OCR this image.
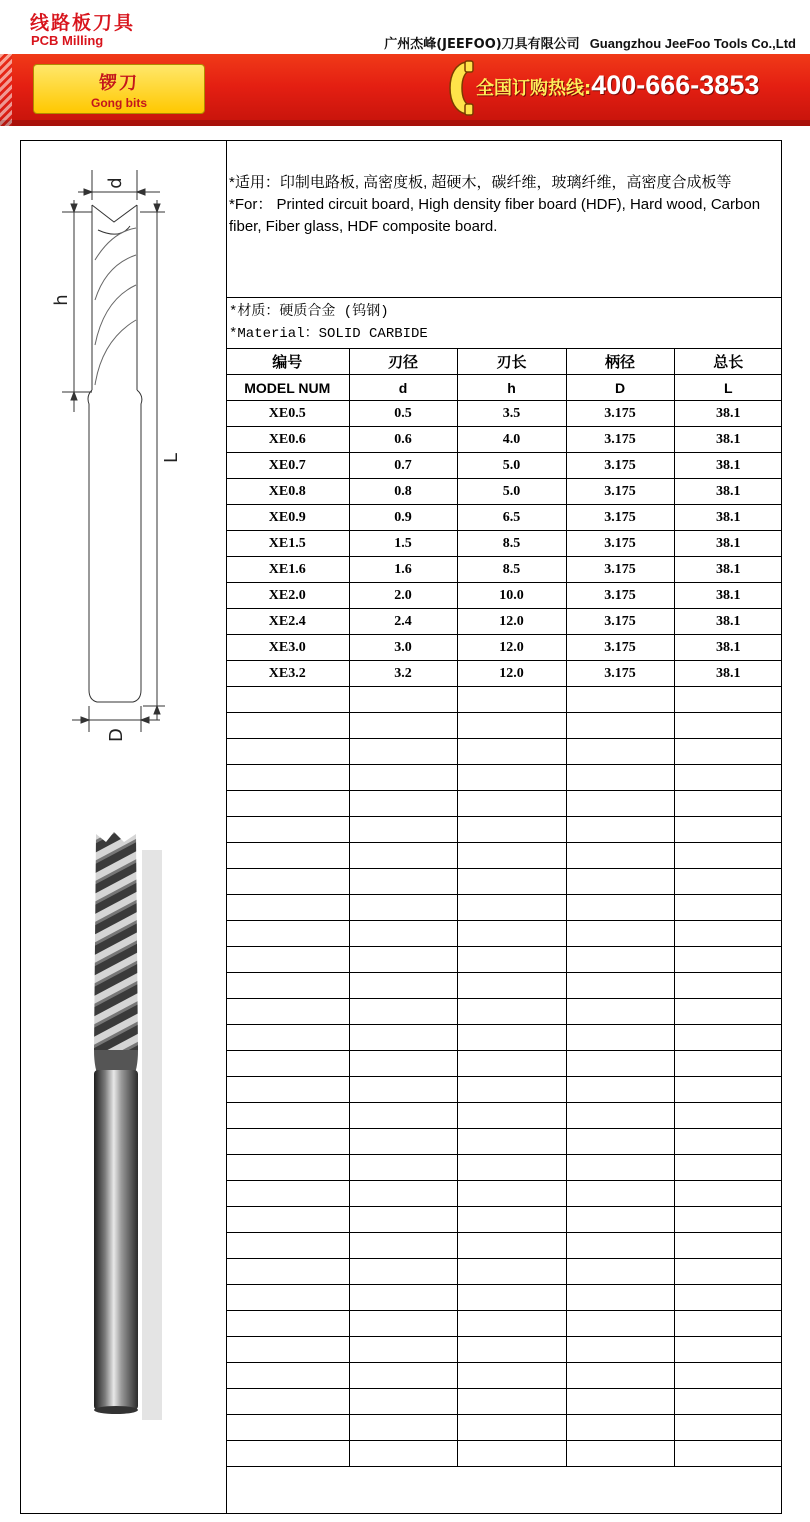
线路板刀具
PCB Milling	广州杰峰(JEEFOO)刀具有限公司 Guangzhou JeeFoo Tools Co.,Ltd
锣刀
Gong bits
全国订购热线:400-666-3853
d
h
L
D

*适用：印制电路板, 高密度板, 超硬木，碳纤维，玻璃纤维，高密度合成板等

*For： Printed circuit board, High density fiber board (HDF), Hard wood, Carbon fiber, Fiber glass, HDF composite board.

*材质：硬质合金 (钨钢)

*Material：SOLID CARBIDE

编号	刃径	刃长	柄径	总长
MODEL NUM	d	h	D	L
XE0.5	0.5	3.5	3.175	38.1
XE0.6	0.6	4.0	3.175	38.1
XE0.7	0.7	5.0	3.175	38.1
XE0.8	0.8	5.0	3.175	38.1
XE0.9	0.9	6.5	3.175	38.1
XE1.5	1.5	8.5	3.175	38.1
XE1.6	1.6	8.5	3.175	38.1
XE2.0	2.0	10.0	3.175	38.1
XE2.4	2.4	12.0	3.175	38.1
XE3.0	3.0	12.0	3.175	38.1
XE3.2	3.2	12.0	3.175	38.1
